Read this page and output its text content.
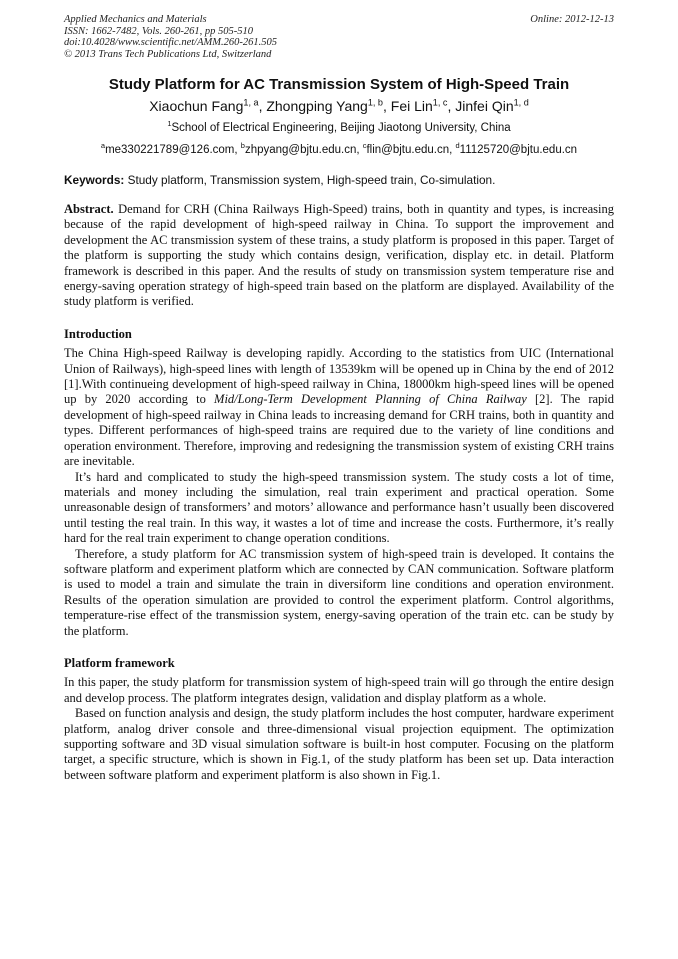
Applied Mechanics and Materials
ISSN: 1662-7482, Vols. 260-261, pp 505-510
doi:10.4028/www.scientific.net/AMM.260-261.505
© 2013 Trans Tech Publications Ltd, Switzerland
Online: 2012-12-13
Study Platform for AC Transmission System of High-Speed Train
Xiaochun Fang$^{1, a}$, Zhongping Yang$^{1, b}$, Fei Lin$^{1, c}$, Jinfei Qin$^{1, d}$
$^1$School of Electrical Engineering, Beijing Jiaotong University, China
$^a$me330221789@126.com, $^b$zhpyang@bjtu.edu.cn, $^c$flin@bjtu.edu.cn, $^d$11125720@bjtu.edu.cn
Keywords: Study platform, Transmission system, High-speed train, Co-simulation.

Abstract. Demand for CRH (China Railways High-Speed) trains, both in quantity and types, is increasing because of the rapid development of high-speed railway in China. To support the improvement and development the AC transmission system of these trains, a study platform is proposed in this paper. Target of the platform is supporting the study which contains design, verification, display etc. in detail. Platform framework is described in this paper. And the results of study on transmission system temperature rise and energy-saving operation strategy of high-speed train based on the platform are displayed. Availability of the study platform is verified.

Introduction

The China High-speed Railway is developing rapidly. According to the statistics from UIC (International Union of Railways), high-speed lines with length of 13539km will be opened up in China by the end of 2012 [1].With continueing development of high-speed railway in China, 18000km high-speed lines will be opened up by 2020 according to Mid/Long-Term Development Planning of China Railway [2]. The rapid development of high-speed railway in China leads to increasing demand for CRH trains, both in quantity and types. Different performances of high-speed trains are required due to the variety of line conditions and operation environment. Therefore, improving and redesigning the transmission system of existing CRH trains are inevitable.

It’s hard and complicated to study the high-speed transmission system. The study costs a lot of time, materials and money including the simulation, real train experiment and practical operation. Some unreasonable design of transformers’ and motors’ allowance and performance hasn’t usually been discovered until testing the real train. In this way, it wastes a lot of time and increase the costs. Furthermore, it’s really hard for the real train experiment to change operation conditions.

Therefore, a study platform for AC transmission system of high-speed train is developed. It contains the software platform and experiment platform which are connected by CAN communication. Software platform is used to model a train and simulate the train in diversiform line conditions and operation environment. Results of the operation simulation are provided to control the experiment platform. Control algorithms, temperature-rise effect of the transmission system, energy-saving operation of the train etc. can be study by the platform.

Platform framework

In this paper, the study platform for transmission system of high-speed train will go through the entire design and develop process. The platform integrates design, validation and display platform as a whole.

Based on function analysis and design, the study platform includes the host computer, hardware experiment platform, analog driver console and three-dimensional visual projection equipment. The optimization supporting software and 3D visual simulation software is built-in host computer. Focusing on the platform target, a specific structure, which is shown in Fig.1, of the study platform has been set up. Data interaction between software platform and experiment platform is also shown in Fig.1.
